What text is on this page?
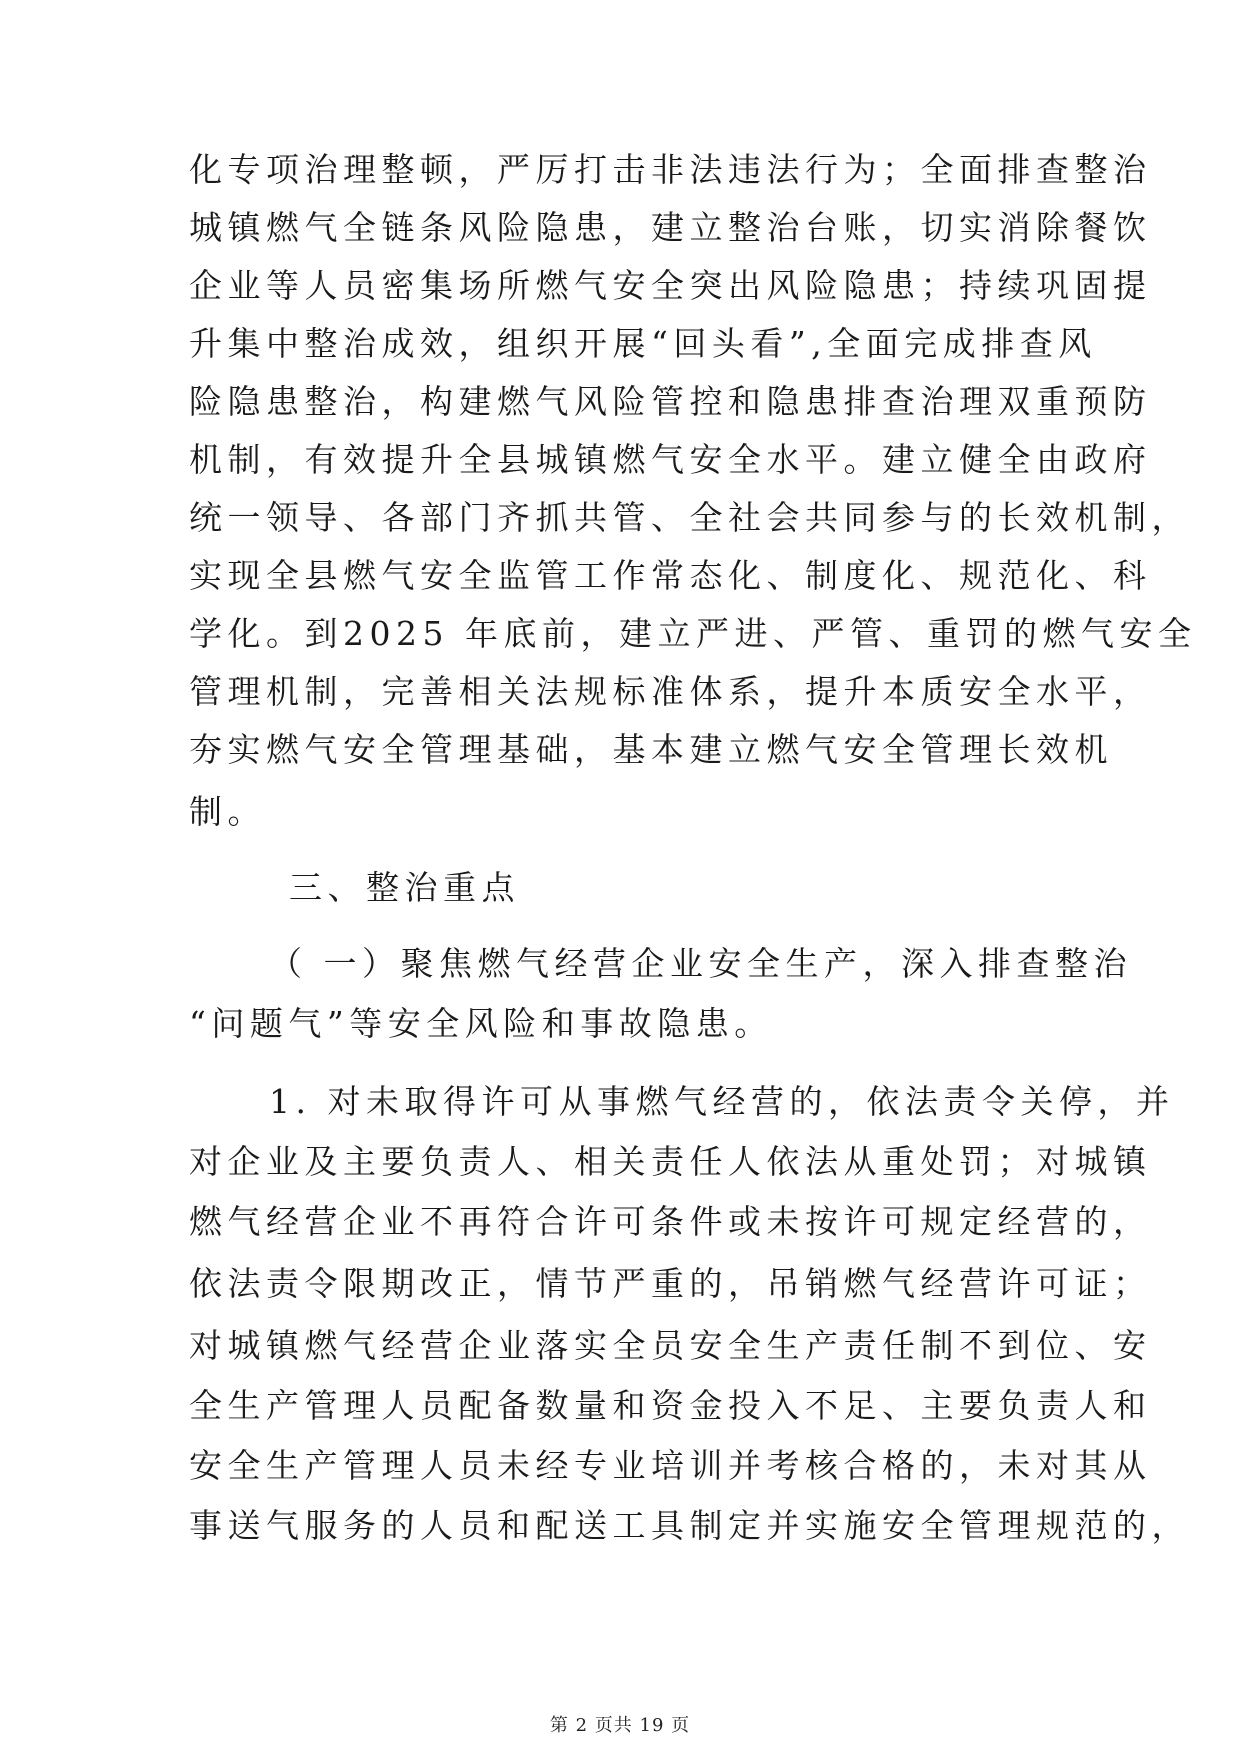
化专项治理整顿，严厉打击非法违法行为；全面排查整治
城镇燃气全链条风险隐患，建立整治台账，切实消除餐饮
企业等人员密集场所燃气安全突出风险隐患；持续巩固提
升集中整治成效，组织开展“回头看”,全面完成排查风
险隐患整治，构建燃气风险管控和隐患排查治理双重预防
机制，有效提升全县城镇燃气安全水平。建立健全由政府
统一领导、各部门齐抓共管、全社会共同参与的长效机制，
实现全县燃气安全监管工作常态化、制度化、规范化、科
学化。到2025 年底前，建立严进、严管、重罚的燃气安全
管理机制，完善相关法规标准体系，提升本质安全水平，
夯实燃气安全管理基础，基本建立燃气安全管理长效机
制。
三、整治重点
（ 一）聚焦燃气经营企业安全生产，深入排查整治
“问题气”等安全风险和事故隐患。
1. 对未取得许可从事燃气经营的，依法责令关停，并
对企业及主要负责人、相关责任人依法从重处罚；对城镇
燃气经营企业不再符合许可条件或未按许可规定经营的，
依法责令限期改正，情节严重的，吊销燃气经营许可证；
对城镇燃气经营企业落实全员安全生产责任制不到位、安
全生产管理人员配备数量和资金投入不足、主要负责人和
安全生产管理人员未经专业培训并考核合格的，未对其从
事送气服务的人员和配送工具制定并实施安全管理规范的，
第 2 页共 19 页
